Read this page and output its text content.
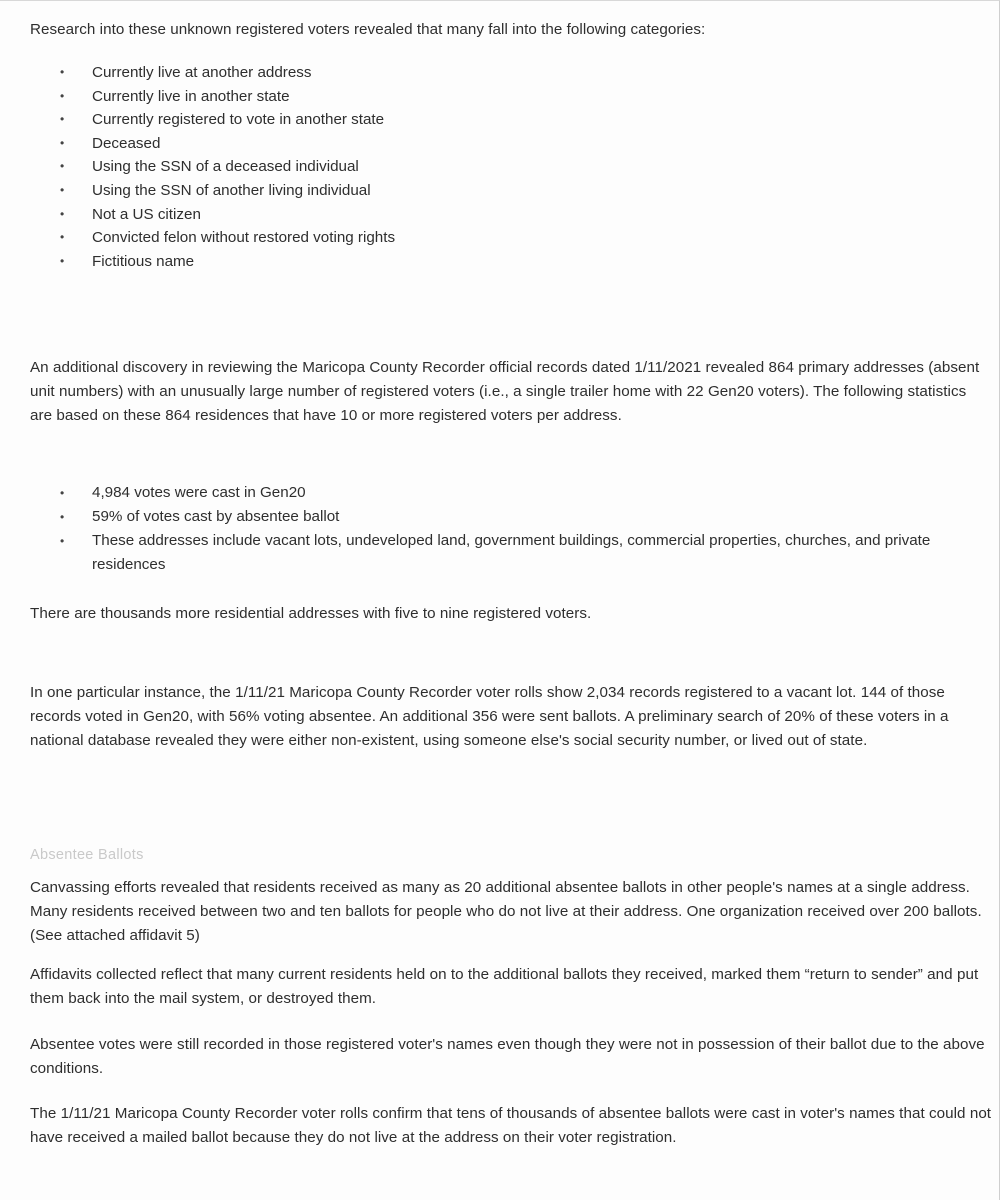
Research into these unknown registered voters revealed that many fall into the following categories:

• Currently live at another address
• Currently live in another state
• Currently registered to vote in another state
• Deceased
• Using the SSN of a deceased individual
• Using the SSN of another living individual
• Not a US citizen
• Convicted felon without restored voting rights
• Fictitious name

An additional discovery in reviewing the Maricopa County Recorder official records dated 1/11/2021 revealed 864 primary addresses (absent unit numbers) with an unusually large number of registered voters (i.e., a single trailer home with 22 Gen20 voters). The following statistics are based on these 864 residences that have 10 or more registered voters per address.

• 4,984 votes were cast in Gen20
• 59% of votes cast by absentee ballot
• These addresses include vacant lots, undeveloped land, government buildings, commercial properties, churches, and private residences

There are thousands more residential addresses with five to nine registered voters.

In one particular instance, the 1/11/21 Maricopa County Recorder voter rolls show 2,034 records registered to a vacant lot. 144 of those records voted in Gen20, with 56% voting absentee. An additional 356 were sent ballots. A preliminary search of 20% of these voters in a national database revealed they were either non-existent, using someone else's social security number, or lived out of state.

Absentee Ballots

Canvassing efforts revealed that residents received as many as 20 additional absentee ballots in other people's names at a single address. Many residents received between two and ten ballots for people who do not live at their address. One organization received over 200 ballots. (See attached affidavit 5)

Affidavits collected reflect that many current residents held on to the additional ballots they received, marked them “return to sender” and put them back into the mail system, or destroyed them.

Absentee votes were still recorded in those registered voter's names even though they were not in possession of their ballot due to the above conditions.

The 1/11/21 Maricopa County Recorder voter rolls confirm that tens of thousands of absentee ballots were cast in voter's names that could not have received a mailed ballot because they do not live at the address on their voter registration.
